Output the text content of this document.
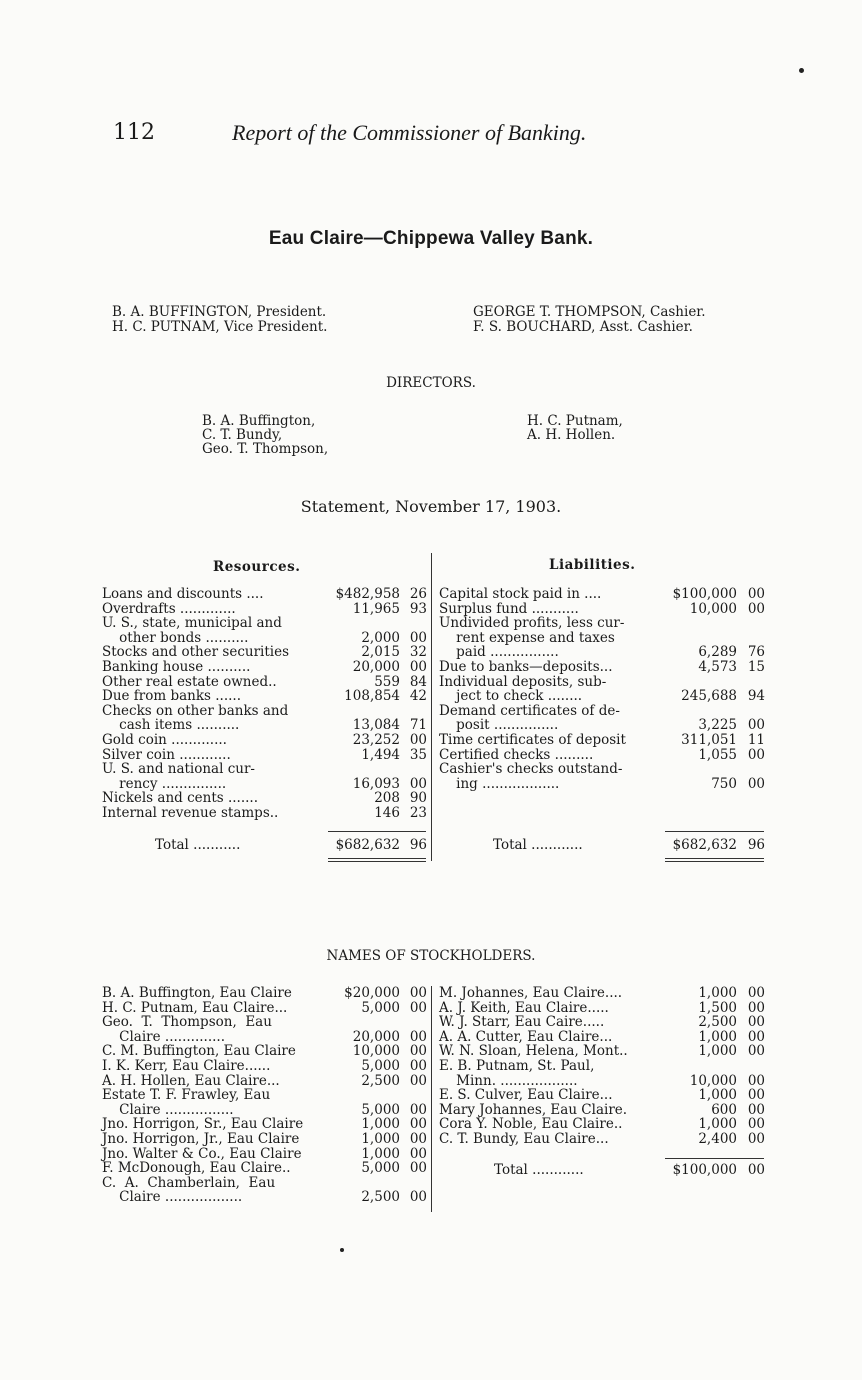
112	Report of the Commissioner of Banking.
Eau Claire—Chippewa Valley Bank.
B. A. BUFFINGTON, President.
H. C. PUTNAM, Vice President.
GEORGE T. THOMPSON, Cashier.
F. S. BOUCHARD, Asst. Cashier.
DIRECTORS.
B. A. Buffington,
C. T. Bundy,
Geo. T. Thompson,
H. C. Putnam,
A. H. Hollen.
Statement, November 17, 1903.
Resources.	Liabilities.
Loans and discounts ....	$482,958 26
Overdrafts .............	11,965 93
U. S., state, municipal and
other bonds ..........	2,000 00
Stocks and other securities	2,015 32
Banking house ..........	20,000 00
Other real estate owned..	559 84
Due from banks ......	108,854 42
Checks on other banks and
cash items ..........	13,084 71
Gold coin .............	23,252 00
Silver coin ............	1,494 35
U. S. and national cur-
rency ...............	16,093 00
Nickels and cents .......	208 90
Internal revenue stamps..	146 23
Capital stock paid in ....	$100,000 00
Surplus fund ...........	10,000 00
Undivided profits, less cur-
rent expense and taxes
paid ................	6,289 76
Due to banks—deposits...	4,573 15
Individual deposits, sub-
ject to check ........	245,688 94
Demand certificates of de-
posit ...............	3,225 00
Time certificates of deposit	311,051 11
Certified checks .........	1,055 00
Cashier's checks outstand-
ing ..................	750 00
Total ...........	$682,632 96	Total ............	$682,632 96
NAMES OF STOCKHOLDERS.
B. A. Buffington, Eau Claire	$20,000 00
H. C. Putnam, Eau Claire...	5,000 00
Geo.  T.  Thompson,  Eau
Claire ..............	20,000 00
C. M. Buffington, Eau Claire	10,000 00
I. K. Kerr, Eau Claire......	5,000 00
A. H. Hollen, Eau Claire...	2,500 00
Estate T. F. Frawley, Eau
Claire ................	5,000 00
Jno. Horrigon, Sr., Eau Claire	1,000 00
Jno. Horrigon, Jr., Eau Claire	1,000 00
Jno. Walter & Co., Eau Claire	1,000 00
F. McDonough, Eau Claire..	5,000 00
C.  A.  Chamberlain,  Eau
Claire ..................	2,500 00
M. Johannes, Eau Claire....	1,000 00
A. J. Keith, Eau Claire.....	1,500 00
W. J. Starr, Eau Caire.....	2,500 00
A. A. Cutter, Eau Claire...	1,000 00
W. N. Sloan, Helena, Mont..	1,000 00
E. B. Putnam, St. Paul,
Minn. ..................	10,000 00
E. S. Culver, Eau Claire...	1,000 00
Mary Johannes, Eau Claire.	600 00
Cora Y. Noble, Eau Claire..	1,000 00
C. T. Bundy, Eau Claire...	2,400 00
Total ............	$100,000 00
